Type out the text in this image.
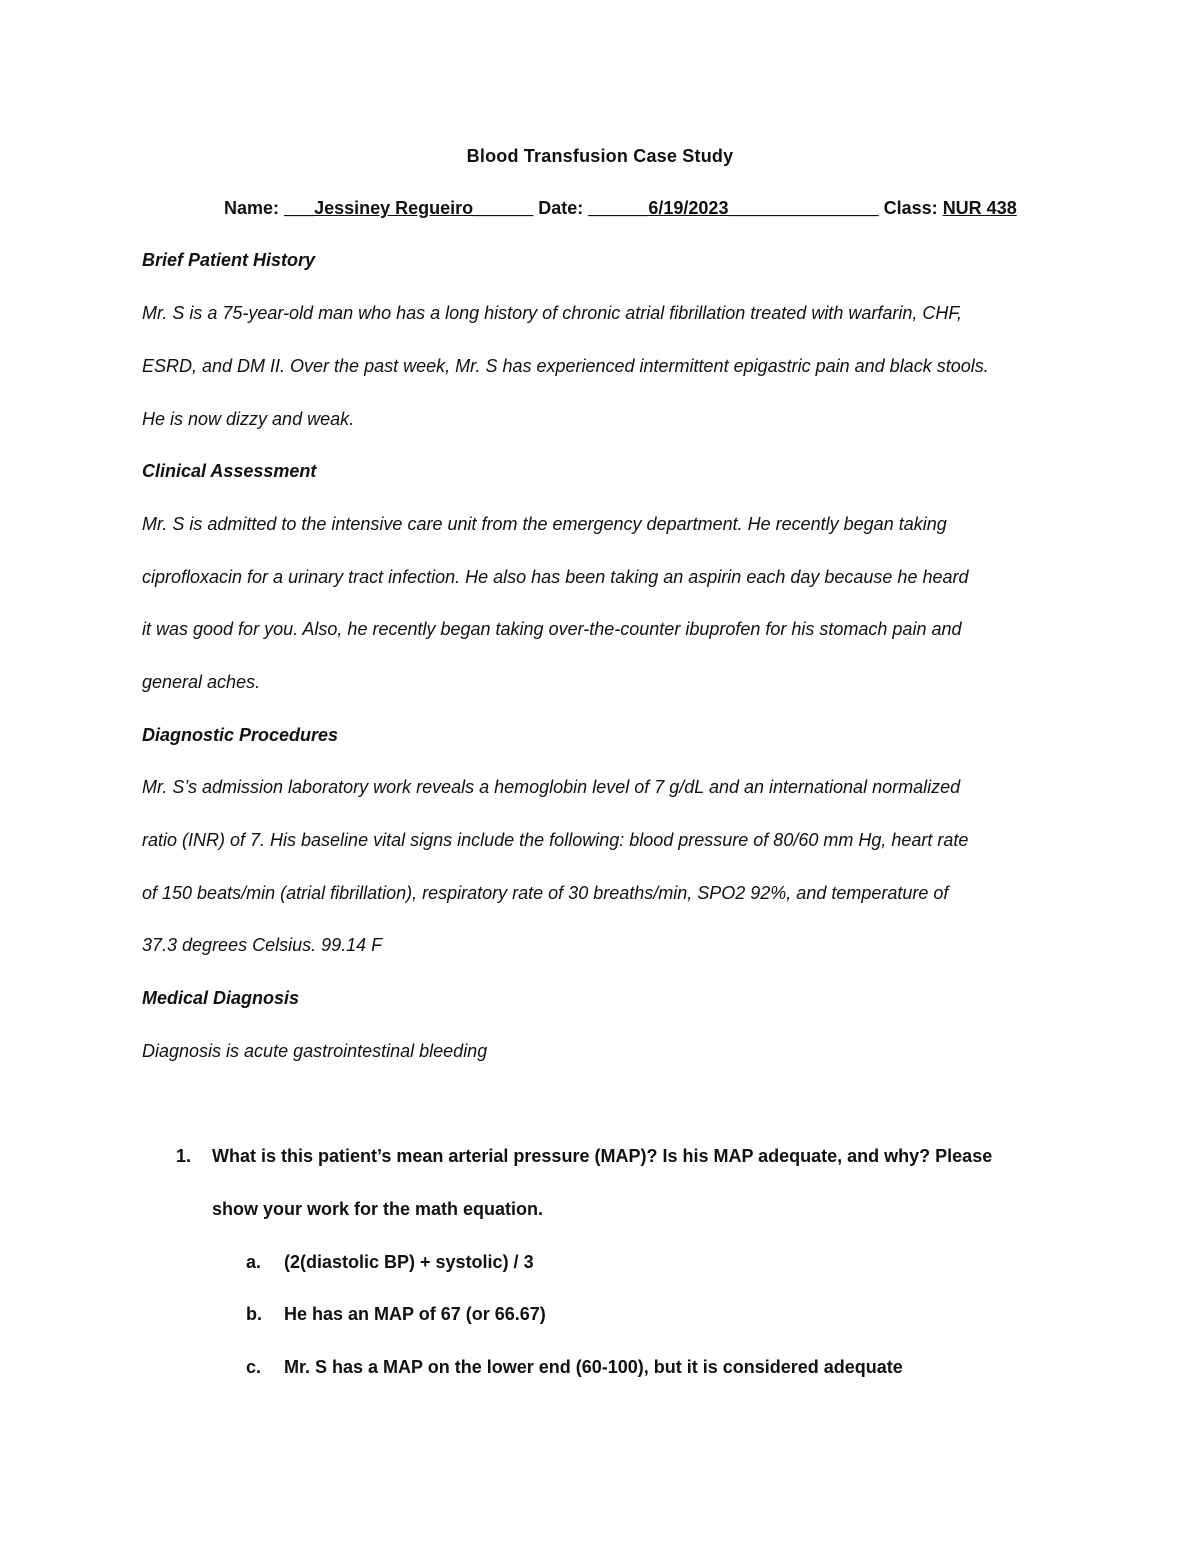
Blood Transfusion Case Study
Name: ___Jessiney Regueiro______ Date: ______6/19/2023_______________ Class: NUR 438
Brief Patient History
Mr. S is a 75-year-old man who has a long history of chronic atrial fibrillation treated with warfarin, CHF,
ESRD, and DM II. Over the past week, Mr. S has experienced intermittent epigastric pain and black stools.
He is now dizzy and weak.
Clinical Assessment
Mr. S is admitted to the intensive care unit from the emergency department. He recently began taking
ciprofloxacin for a urinary tract infection. He also has been taking an aspirin each day because he heard
it was good for you. Also, he recently began taking over-the-counter ibuprofen for his stomach pain and
general aches.
Diagnostic Procedures
Mr. S’s admission laboratory work reveals a hemoglobin level of 7 g/dL and an international normalized
ratio (INR) of 7. His baseline vital signs include the following: blood pressure of 80/60 mm Hg, heart rate
of 150 beats/min (atrial fibrillation), respiratory rate of 30 breaths/min, SPO2 92%, and temperature of
37.3 degrees Celsius. 99.14 F
Medical Diagnosis
Diagnosis is acute gastrointestinal bleeding
1. What is this patient’s mean arterial pressure (MAP)? Is his MAP adequate, and why? Please
show your work for the math equation.
a. (2(diastolic BP) + systolic) / 3
b. He has an MAP of 67 (or 66.67)
c. Mr. S has a MAP on the lower end (60-100), but it is considered adequate
